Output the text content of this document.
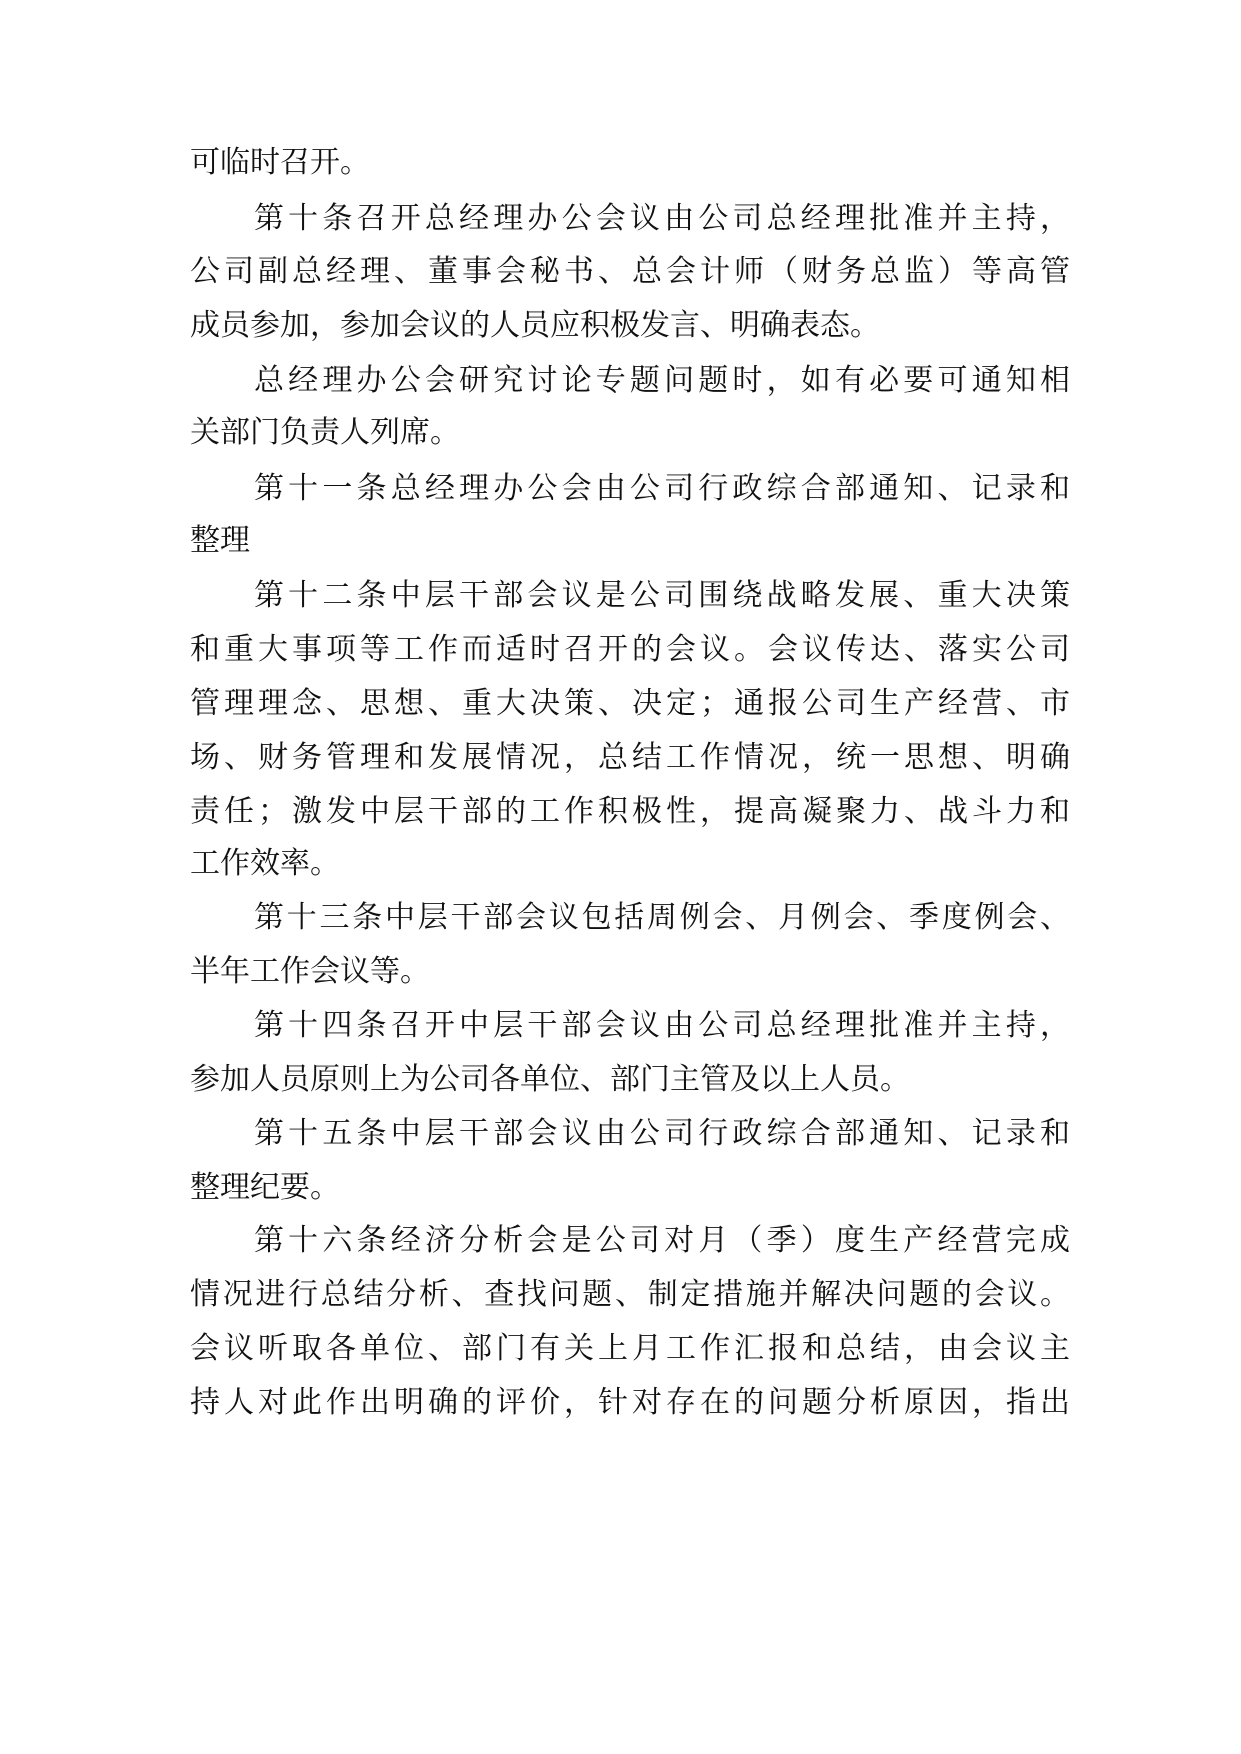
可临时召开。
第十条召开总经理办公会议由公司总经理批准并主持，
公司副总经理、董事会秘书、总会计师（财务总监）等高管
成员参加，参加会议的人员应积极发言、明确表态。
总经理办公会研究讨论专题问题时，如有必要可通知相
关部门负责人列席。
第十一条总经理办公会由公司行政综合部通知、记录和
整理
第十二条中层干部会议是公司围绕战略发展、重大决策
和重大事项等工作而适时召开的会议。会议传达、落实公司
管理理念、思想、重大决策、决定；通报公司生产经营、市
场、财务管理和发展情况，总结工作情况，统一思想、明确
责任；激发中层干部的工作积极性，提高凝聚力、战斗力和
工作效率。
第十三条中层干部会议包括周例会、月例会、季度例会、
半年工作会议等。
第十四条召开中层干部会议由公司总经理批准并主持，
参加人员原则上为公司各单位、部门主管及以上人员。
第十五条中层干部会议由公司行政综合部通知、记录和
整理纪要。
第十六条经济分析会是公司对月（季）度生产经营完成
情况进行总结分析、查找问题、制定措施并解决问题的会议。
会议听取各单位、部门有关上月工作汇报和总结，由会议主
持人对此作出明确的评价，针对存在的问题分析原因，指出
